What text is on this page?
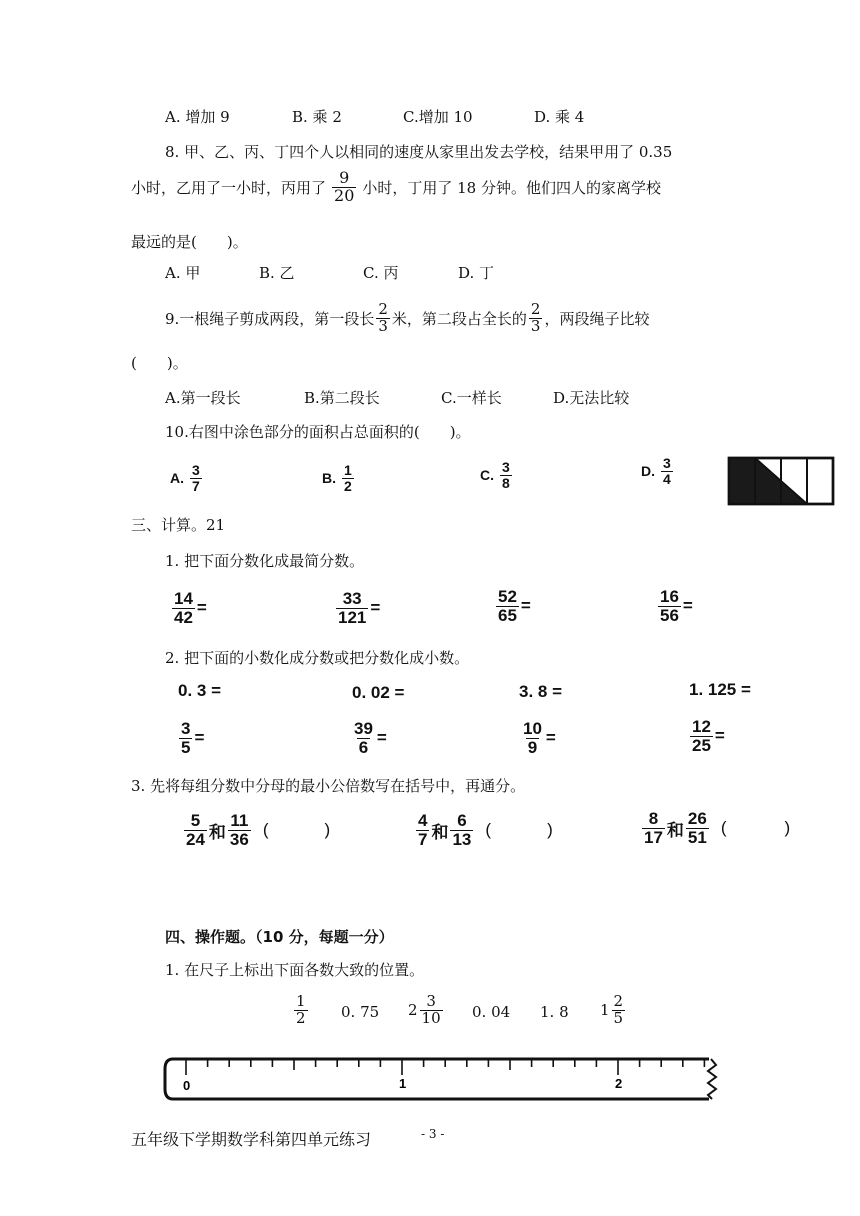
A. 增加 9	B. 乘 2	C.增加 10	D. 乘 4
8. 甲、乙、丙、丁四个人以相同的速度从家里出发去学校，结果甲用了 0.35
小时，乙用了一小时，丙用了 $\frac{9}{20}$ 小时，丁用了 18 分钟。他们四人的家离学校
最远的是(　　)。
A. 甲	B. 乙	C. 丙	D. 丁
9.一根绳子剪成两段，第一段长 $\frac{2}{3}$ 米，第二段占全长的 $\frac{2}{3}$ ，两段绳子比较
(　　)。
A.第一段长	B.第二段长	C.一样长	D.无法比较
10.右图中涂色部分的面积占总面积的(　　)。
A. $\frac{3}{7}$	B. $\frac{1}{2}$	C. $\frac{3}{8}$	D. $\frac{3}{4}$
三、计算。21
1. 把下面分数化成最简分数。
$\frac{14}{42}$ =	$\frac{33}{121}$ =	$\frac{52}{65}$ =	$\frac{16}{56}$ =
2. 把下面的小数化成分数或把分数化成小数。
0. 3 =	0. 02 =	3. 8 =	1. 125 =
$\frac{3}{5}$ =	$\frac{39}{6}$ =	$\frac{10}{9}$ =	$\frac{12}{25}$ =
3. 先将每组分数中分母的最小公倍数写在括号中，再通分。
$\frac{5}{24}$ 和 $\frac{11}{36}$ (	)	$\frac{4}{7}$ 和 $\frac{6}{13}$ (	)	$\frac{8}{17}$ 和 $\frac{26}{51}$ (	)
四、操作题。（10 分，每题一分）
1. 在尺子上标出下面各数大致的位置。
$\frac{1}{2} 0$. 75 $2 \frac{3}{10} 0$. 04 1. 8 $1 \frac{2}{5}$
0	1	2
五年级下学期数学科第四单元练习	- 3 -
